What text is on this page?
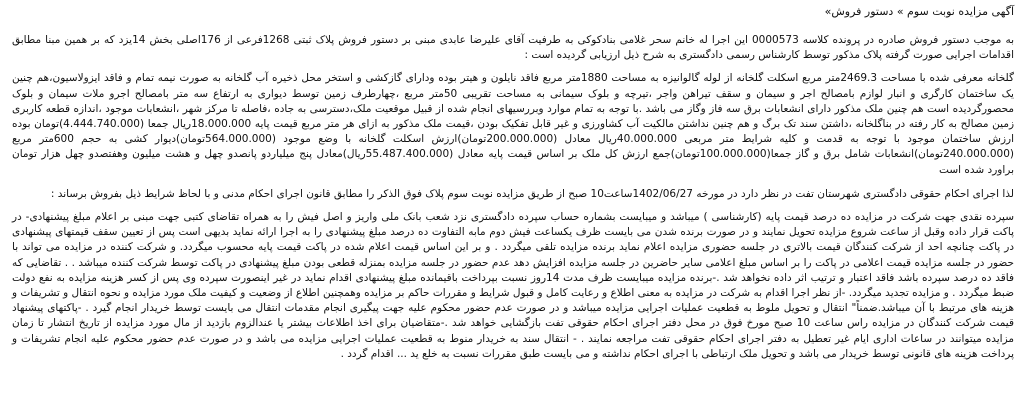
آگهی مزایده نوبت سوم » دستور فروش»
به موجب دستور فروش صادره در پرونده کلاسه 0000573 این اجرا له خانم سحر غلامی بنادکوکی به طرفیت آقای علیرضا عابدی مبنی بر دستور فروش پلاک ثبتی 1268فرعی از 176اصلی بخش 14یزد که بر همین مبنا مطابق اقدامات اجرایی صورت گرفته پلاک مذکور توسط کارشناس رسمی دادگستری به شرح ذیل ارزیابی گردیده است :
گلخانه معرفی شده با مساحت 2469.3متر مربع اسکلت گلخانه از لوله گالوانیزه به مساحت 1880متر مربع فاقد نایلون و هیتر بوده ودارای گازکشی و استخر محل ذخیره آب گلخانه به صورت نیمه تمام و فاقد ایزولاسیون،هم چنین یک ساختمان کارگری و انبار لوازم بامصالح اجر و سیمان و سقف تیراهن واجر ،تیرچه و بلوک سیمانی به مساحت تقریبی 50متر مربع ،چهارطرف زمین توسط دیواری به ارتفاع سه متر بامصالح اجرو ملات سیمان و بلوک محصورگردیده است هم چنین ملک مذکور دارای انشعابات برق سه فاز وگاز می باشد .با توجه به تمام موارد وبررسیهای انجام شده از قبیل موقعیت ملک،دسترسی به جاده ،فاصله تا مرکز شهر ،انشعابات موجود ،اندازه قطعه کاربری زمین مصالح به کار رفته در بناگلخانه ،داشتن سند تک برگ و هم چنین نداشتن مالکیت آب کشاورزی و غیر قابل تفکیک بودن ،قیمت ملک مذکور به ازای هر متر مربع قیمت پایه 18.000.000ریال جمعا (4.444.740.000)تومان بوده ارزش ساختمان موجود با توجه به قدمت و کلیه شرایط متر مربعی 40.000.000ریال معادل (200.000.000تومان)ارزش اسکلت گلخانه با وضع موجود (564.000.000تومان)دیوار کشی به حجم 600متر مربع (240.000.000تومان)انشعابات شامل برق و گاز جمعا(100.000.000تومان)جمع ارزش کل ملک بر اساس قیمت پایه معادل (55.487.400.000ریال)معادل پنج میلیاردو پانصدو چهل و هشت میلیون وهفتصدو چهل هزار تومان براورد شده است
لذا اجرای احکام حقوقی دادگستری شهرستان تفت در نظر دارد در مورخه 1402/06/27ساعت10 صبح از طریق مزایده نوبت سوم پلاک فوق الذکر را مطابق قانون اجرای احکام مدنی و با لحاظ شرایط ذیل بفروش برساند :
سپرده نقدی جهت شرکت در مزایده ده درصد قیمت پایه (کارشناسی ) میباشد و میبایست بشماره حساب سپرده دادگستری نزد شعب بانک ملی واریز و اصل فیش را به همراه تقاضای کتبی جهت مبنی بر اعلام مبلغ پیشنهادی- در پاکت قرار داده وقبل از ساعت شروع مزایده تحویل نمایند و در صورت برنده شدن می بایست ظرف یکساعت فیش دوم مابه التفاوت ده درصد مبلغ پیشنهادی را به اجرا ارائه نماید بدیهی است پس از تعیین سقف قیمتهای پیشنهادی در پاکت چنانچه احد از شرکت کنندگان قیمت بالاتری در جلسه حضوری مزایده اعلام نماید برنده مزایده تلقی میگردد . و بر این اساس قیمت اعلام شده در پاکت قیمت پایه محسوب میگردد. و شرکت کننده در مزایده می تواند با حضور در جلسه مزایده قیمت اعلامی در پاکت را بر اساس مبلغ اعلامی سایر حاضرین در جلسه مزایده افزایش دهد عدم حضور در جلسه مزایده بمنزله قطعی بودن مبلغ پیشنهادی در پاکت توسط شرکت کننده میباشد . . تقاضایی که فاقد ده درصد سپرده باشد فاقد اعتبار و ترتیب اثر داده نخواهد شد .-برنده مزایده میبایست ظرف مدت 14روز نسبت بپرداخت باقیمانده مبلغ پیشنهادی اقدام نماید در غیر اینصورت سپرده وی پس از کسر هزینه مزایده به نفع دولت ضبط میگردد . و مزایده تجدید میگردد. -از نظر اجرا اقدام به شرکت در مزایده به معنی اطلاع و رعایت کامل و قبول شرایط و مقررات حاکم بر مزایده وهمچنین اطلاع از وضعیت و کیفیت ملک مورد مزایده و نحوه انتقال و تشریفات و هزینه های مرتبط با آن میباشد.ضمناً" انتقال و تحویل ملوط به قطعیت عملیات اجرایی مزایده میباشد و در صورت عدم حضور محکوم علیه جهت پیگیری انجام مقدمات انتقال می بایست توسط خریدار انجام گیرد . -پاکتهای پیشنهاد قیمت شرکت کنندگان در مزایده راس ساعت 10 صبح مورخ فوق در محل دفتر اجرای احکام حقوقی تفت بازگشایی خواهد شد .-متقاضیان برای اخذ اطلاعات بیشتر یا عندالزوم بازدید از مال مورد مزایده از تاریخ انتشار تا زمان مزایده میتوانند در ساعات اداری ایام غیر تعطیل به دفتر اجرای احکام حقوقی تفت مراجعه نمایند . - انتقال سند به خریدار منوط به قطعیت عملیات اجرایی مزایده می باشد و در صورت عدم حضور محکوم علیه انجام تشریفات و پرداخت هزینه های قانونی توسط خریدار می باشد و تحویل ملک ارتباطی با اجرای احکام نداشته و می بایست طبق مقررات نسبت به خلع ید ... اقدام گردد .
